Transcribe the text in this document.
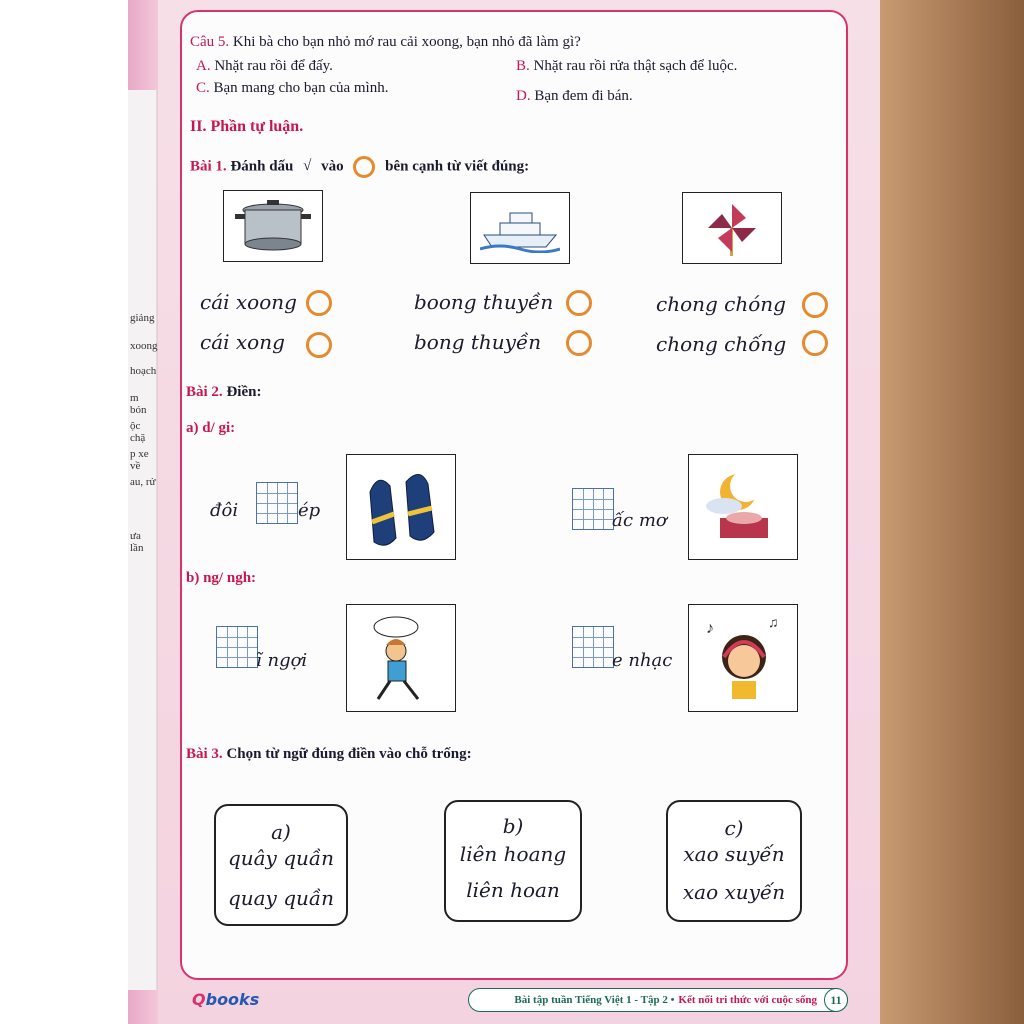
giảng
xoong
hoạch
m bón
ộc chặ
p xe về
au, rử
ưa lần
Câu 5. Khi bà cho bạn nhỏ mớ rau cải xoong, bạn nhỏ đã làm gì?
A. Nhặt rau rồi để đấy.	B. Nhặt rau rồi rửa thật sạch để luộc.
C. Bạn mang cho bạn của mình.	D. Bạn đem đi bán.
II. Phần tự luận.
Bài 1. Đánh dấu √ vào	bên cạnh từ viết đúng:
cái xoong
cái xong
boong thuyền
bong thuyền
chong chóng
chong chống
Bài 2. Điền:
a) d/ gi:
đôi	ép	ấc mơ
b) ng/ ngh:
ĩ ngợi	e nhạc
♪	♫
Bài 3. Chọn từ ngữ đúng điền vào chỗ trống:
a)
quây quần
quay quần
b)
liên hoang
liên hoan
c)
xao suyến
xao xuyến
Qbooks	Bài tập tuần Tiếng Việt 1 - Tập 2 • Kết nối tri thức với cuộc sống	11
